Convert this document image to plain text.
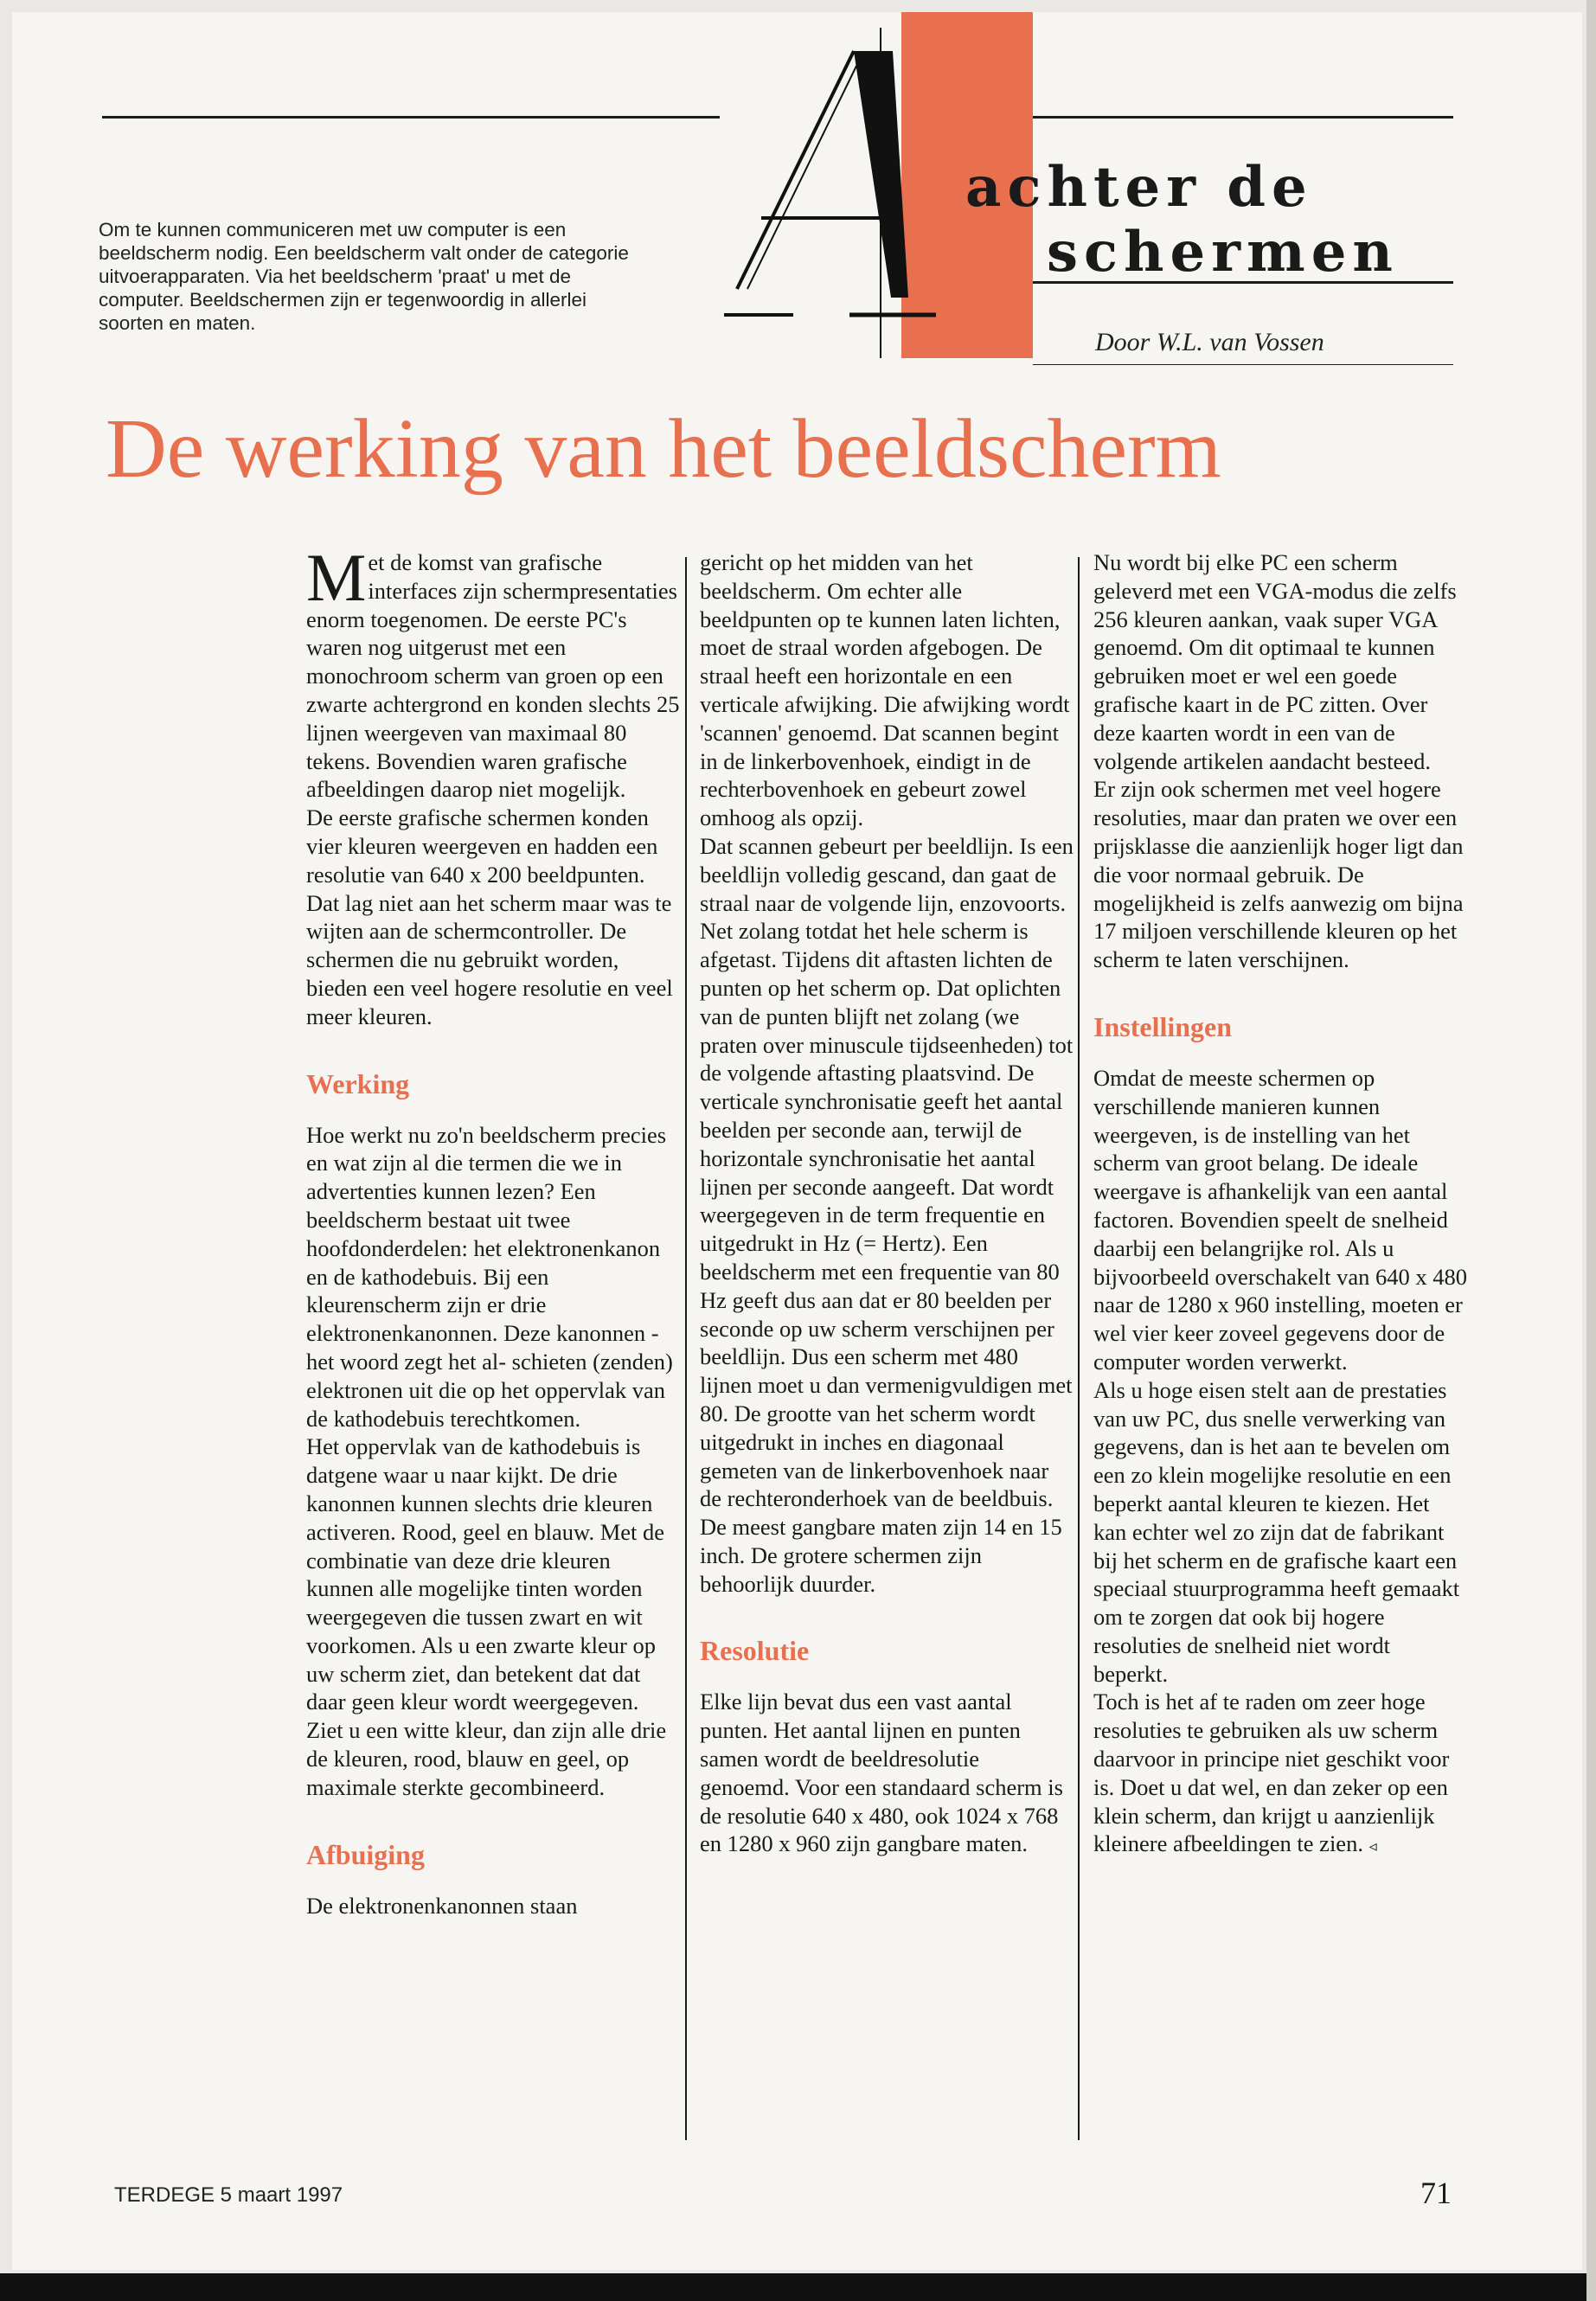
Om te kunnen communiceren met uw computer is een beeldscherm nodig. Een beeldscherm valt onder de categorie uitvoerapparaten. Via het beeldscherm 'praat' u met de computer. Beeldschermen zijn er tegenwoordig in allerlei soorten en maten.
achter de
schermen
Door W.L. van Vossen
De werking van het beeldscherm

Met de komst van grafische interfaces zijn schermpresentaties enorm toegenomen. De eerste PC's waren nog uitgerust met een monochroom scherm van groen op een zwarte achtergrond en konden slechts 25 lijnen weergeven van maximaal 80 tekens. Bovendien waren grafische afbeeldingen daarop niet mogelijk.

De eerste grafische schermen konden vier kleuren weergeven en hadden een resolutie van 640 x 200 beeldpunten. Dat lag niet aan het scherm maar was te wijten aan de schermcontroller. De schermen die nu gebruikt worden, bieden een veel hogere resolutie en veel meer kleuren.

Werking

Hoe werkt nu zo'n beeldscherm precies en wat zijn al die termen die we in advertenties kunnen lezen? Een beeldscherm bestaat uit twee hoofdonderdelen: het elektronenkanon en de kathodebuis. Bij een kleurenscherm zijn er drie elektronenkanonnen. Deze kanonnen -het woord zegt het al- schieten (zenden) elektronen uit die op het oppervlak van de kathodebuis terechtkomen.

Het oppervlak van de kathodebuis is datgene waar u naar kijkt. De drie kanonnen kunnen slechts drie kleuren activeren. Rood, geel en blauw. Met de combinatie van deze drie kleuren kunnen alle mogelijke tinten worden weergegeven die tussen zwart en wit voorkomen. Als u een zwarte kleur op uw scherm ziet, dan betekent dat dat daar geen kleur wordt weergegeven. Ziet u een witte kleur, dan zijn alle drie de kleuren, rood, blauw en geel, op maximale sterkte gecombineerd.

Afbuiging

De elektronenkanonnen staan

gericht op het midden van het beeldscherm. Om echter alle beeldpunten op te kunnen laten lichten, moet de straal worden afgebogen. De straal heeft een horizontale en een verticale afwijking. Die afwijking wordt 'scannen' genoemd. Dat scannen begint in de linkerbovenhoek, eindigt in de rechterbovenhoek en gebeurt zowel omhoog als opzij.

Dat scannen gebeurt per beeldlijn. Is een beeldlijn volledig gescand, dan gaat de straal naar de volgende lijn, enzovoorts. Net zolang totdat het hele scherm is afgetast. Tijdens dit aftasten lichten de punten op het scherm op. Dat oplichten van de punten blijft net zolang (we praten over minuscule tijdseenheden) tot de volgende aftasting plaatsvind. De verticale synchronisatie geeft het aantal beelden per seconde aan, terwijl de horizontale synchronisatie het aantal lijnen per seconde aangeeft. Dat wordt weergegeven in de term frequentie en uitgedrukt in Hz (= Hertz). Een beeldscherm met een frequentie van 80 Hz geeft dus aan dat er 80 beelden per seconde op uw scherm verschijnen per beeldlijn. Dus een scherm met 480 lijnen moet u dan vermenigvuldigen met 80. De grootte van het scherm wordt uitgedrukt in inches en diagonaal gemeten van de linkerbovenhoek naar de rechteronderhoek van de beeldbuis. De meest gangbare maten zijn 14 en 15 inch. De grotere schermen zijn behoorlijk duurder.

Resolutie

Elke lijn bevat dus een vast aantal punten. Het aantal lijnen en punten samen wordt de beeldresolutie genoemd. Voor een standaard scherm is de resolutie 640 x 480, ook 1024 x 768 en 1280 x 960 zijn gangbare maten.

Nu wordt bij elke PC een scherm geleverd met een VGA-modus die zelfs 256 kleuren aankan, vaak super VGA genoemd. Om dit optimaal te kunnen gebruiken moet er wel een goede grafische kaart in de PC zitten. Over deze kaarten wordt in een van de volgende artikelen aandacht besteed.

Er zijn ook schermen met veel hogere resoluties, maar dan praten we over een prijsklasse die aanzienlijk hoger ligt dan die voor normaal gebruik. De mogelijkheid is zelfs aanwezig om bijna 17 miljoen verschillende kleuren op het scherm te laten verschijnen.

Instellingen

Omdat de meeste schermen op verschillende manieren kunnen weergeven, is de instelling van het scherm van groot belang. De ideale weergave is afhankelijk van een aantal factoren. Bovendien speelt de snelheid daarbij een belangrijke rol. Als u bijvoorbeeld overschakelt van 640 x 480 naar de 1280 x 960 instelling, moeten er wel vier keer zoveel gegevens door de computer worden verwerkt.

Als u hoge eisen stelt aan de prestaties van uw PC, dus snelle verwerking van gegevens, dan is het aan te bevelen om een zo klein mogelijke resolutie en een beperkt aantal kleuren te kiezen. Het kan echter wel zo zijn dat de fabrikant bij het scherm en de grafische kaart een speciaal stuurprogramma heeft gemaakt om te zorgen dat ook bij hogere resoluties de snelheid niet wordt beperkt.

Toch is het af te raden om zeer hoge resoluties te gebruiken als uw scherm daarvoor in principe niet geschikt voor is. Doet u dat wel, en dan zeker op een klein scherm, dan krijgt u aanzienlijk kleinere afbeeldingen te zien. ◃

TERDEGE 5 maart 1997	71
